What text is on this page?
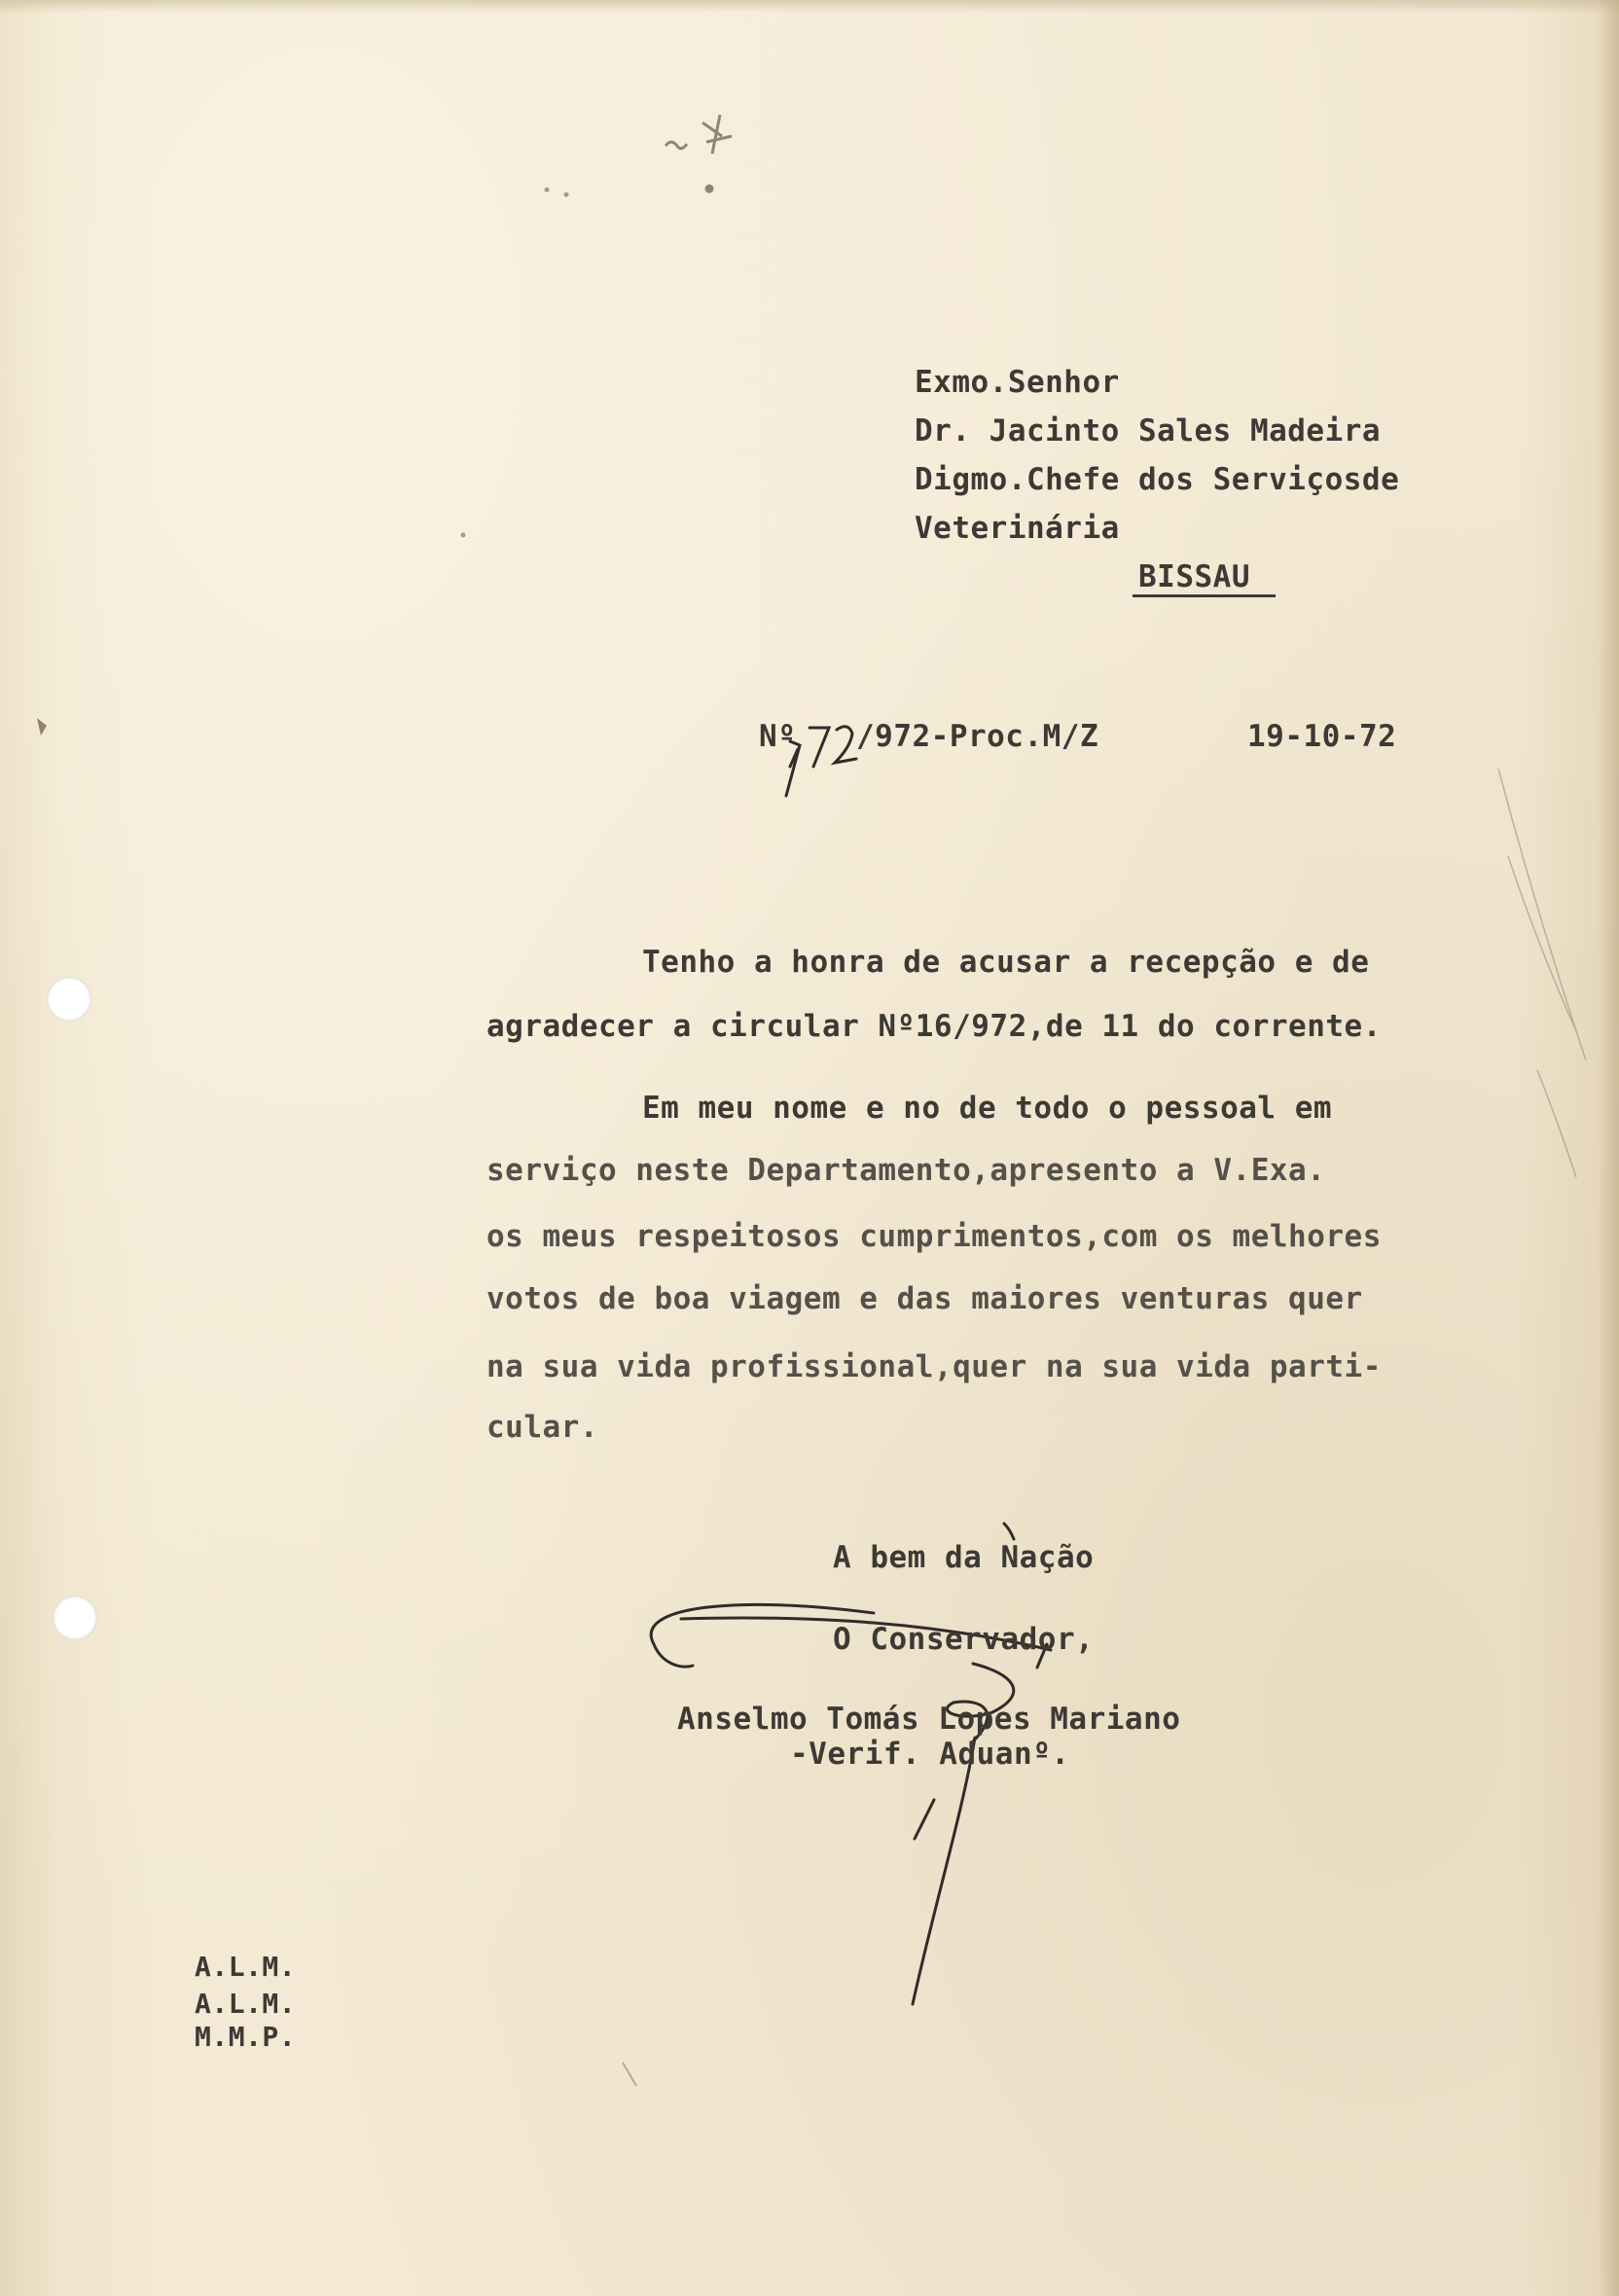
Exmo.Senhor
Dr. Jacinto Sales Madeira
Digmo.Chefe dos Serviçosde
Veterinária
BISSAU
Nº /972-Proc.M/Z	19-10-72
Tenho a honra de acusar a recepção e de
agradecer a circular Nº16/972,de 11 do corrente.
Em meu nome e no de todo o pessoal em
serviço neste Departamento,apresento a V.Exa.
os meus respeitosos cumprimentos,com os melhores
votos de boa viagem e das maiores venturas quer
na sua vida profissional,quer na sua vida parti-
cular.
A bem da Nação
O Conservador,
Anselmo Tomás Lopes Mariano
-Verif. Aduanº.
A.L.M.
A.L.M.
M.M.P.
